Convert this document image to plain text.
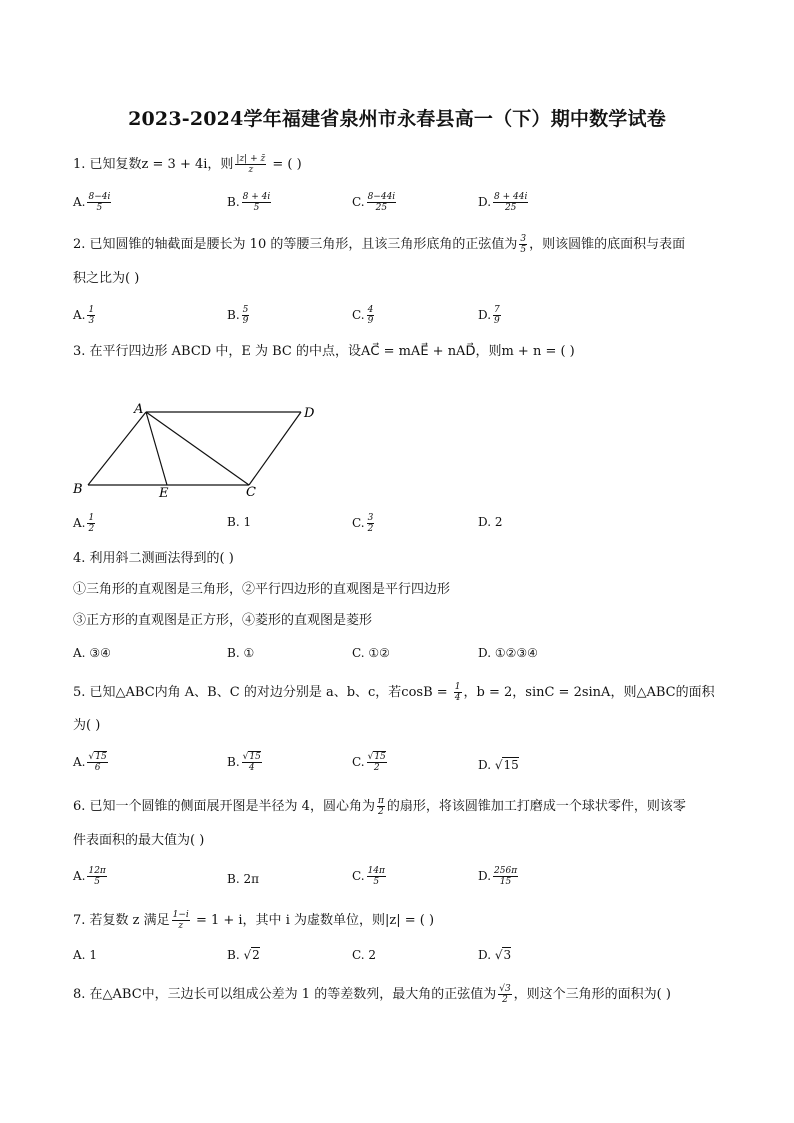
2023-2024学年福建省泉州市永春县高一（下）期中数学试卷
1. 已知复数z = 3 + 4i，则 $\frac{|z| + z̄}{z}$ = ( )
A. $\frac{8-4i}{5}$	B. $\frac{8 + 4i}{5}$	C. $\frac{8-44i}{25}$	D. $\frac{8 + 44i}{25}$
2. 已知圆锥的轴截面是腰长为 10 的等腰三角形，且该三角形底角的正弦值为 $\frac{3}{5}$ ，则该圆锥的底面积与表面
积之比为( )
A. $\frac{1}{3}$	B. $\frac{5}{9}$	C. $\frac{4}{9}$	D. $\frac{7}{9}$
3. 在平行四边形 ABCD 中，E 为 BC 的中点，设AC⃗ = mAE⃗ + nAD⃗，则m + n = ( )
A	D
B	E	C
A. $\frac{1}{2}$	B. 1	C. $\frac{3}{2}$	D. 2
4. 利用斜二测画法得到的( )
①三角形的直观图是三角形，②平行四边形的直观图是平行四边形
③正方形的直观图是正方形，④菱形的直观图是菱形
A. ③④	B. ①	C. ①②	D. ①②③④
5. 已知△ABC内角 A、B、C 的对边分别是 a、b、c，若$\cos B = \frac{1}{4}$ ，b = 2，sinC = 2sinA，则△ABC的面积
为( )
A. $\frac{√15}{6}$	B. $\frac{√15}{4}$	C. $\frac{√15}{2}$	D. √15
6. 已知一个圆锥的侧面展开图是半径为 4，圆心角为 $\frac{\pi}{2}$ 的扇形，将该圆锥加工打磨成一个球状零件，则该零
件表面积的最大值为( )
A. $\frac{12\pi}{5}$	B. 2π	C. $\frac{14\pi}{5}$	D. $\frac{256\pi}{15}$
7. 若复数 z 满足 $\frac{1-i}{z} = 1 + i$，其中 i 为虚数单位，则|z| = ( )
A. 1	B. √2	C. 2	D. √3
8. 在△ABC中，三边长可以组成公差为 1 的等差数列，最大角的正弦值为 $\frac{√3}{2}$ ，则这个三角形的面积为( )
